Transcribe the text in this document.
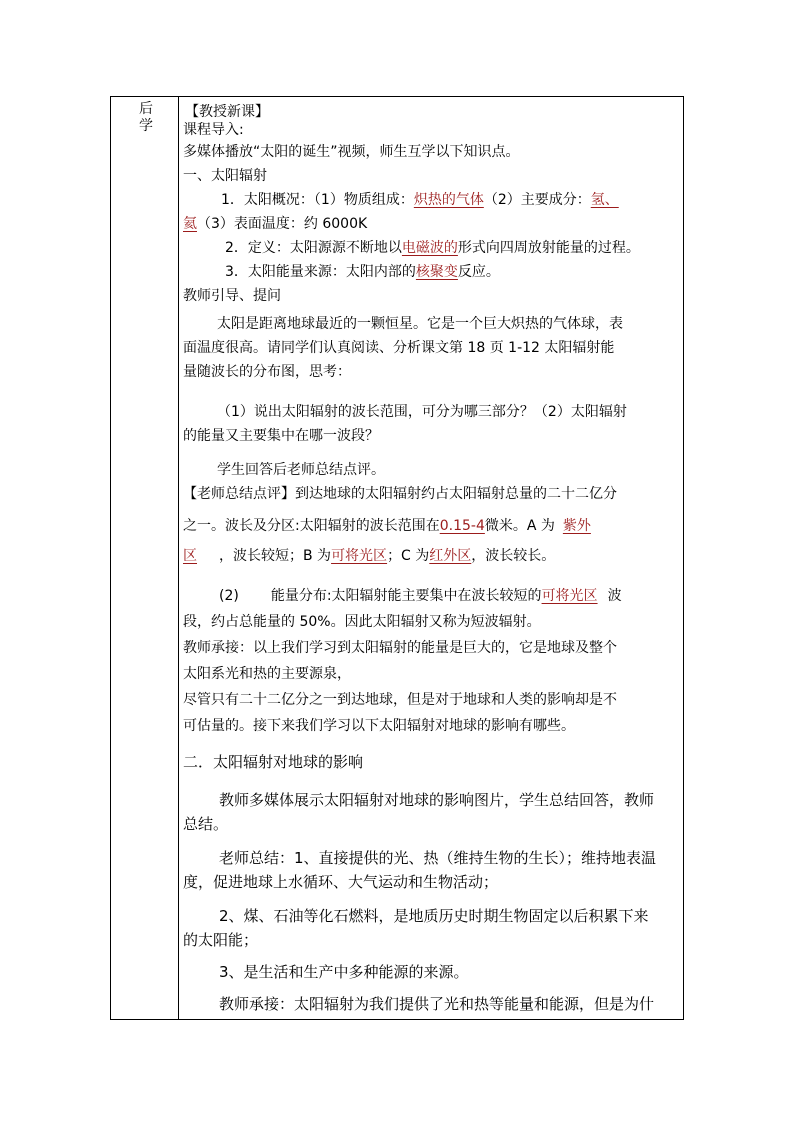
后学
【教授新课】
课程导入:
多媒体播放“太阳的诞生”视频，师生互学以下知识点。
一、太阳辐射
1．太阳概况：（1）物质组成：炽热的气体（2）主要成分：氢、
氦（3）表面温度：约 6000K
2．定义：太阳源源不断地以电磁波的形式向四周放射能量的过程。
3．太阳能量来源：太阳内部的核聚变反应。
教师引导、提问
太阳是距离地球最近的一颗恒星。它是一个巨大炽热的气体球，表
面温度很高。请同学们认真阅读、分析课文第 18 页 1-12 太阳辐射能
量随波长的分布图，思考：
（1）说出太阳辐射的波长范围，可分为哪三部分？（2）太阳辐射
的能量又主要集中在哪一波段？
学生回答后老师总结点评。
【老师总结点评】到达地球的太阳辐射约占太阳辐射总量的二十二亿分
之一。波长及分区:太阳辐射的波长范围在0.15-4微米。A 为 紫外
区 ，波长较短；B 为可将光区；C 为红外区，波长较长。
(2) 能量分布:太阳辐射能主要集中在波长较短的可将光区 波
段，约占总能量的 50%。因此太阳辐射又称为短波辐射。
教师承接：以上我们学习到太阳辐射的能量是巨大的，它是地球及整个
太阳系光和热的主要源泉，
尽管只有二十二亿分之一到达地球，但是对于地球和人类的影响却是不
可估量的。接下来我们学习以下太阳辐射对地球的影响有哪些。
二．太阳辐射对地球的影响
教师多媒体展示太阳辐射对地球的影响图片，学生总结回答，教师
总结。
老师总结：1、直接提供的光、热（维持生物的生长）；维持地表温
度，促进地球上水循环、大气运动和生物活动；
2、煤、石油等化石燃料，是地质历史时期生物固定以后积累下来
的太阳能；
3、是生活和生产中多种能源的来源。
教师承接：太阳辐射为我们提供了光和热等能量和能源，但是为什
